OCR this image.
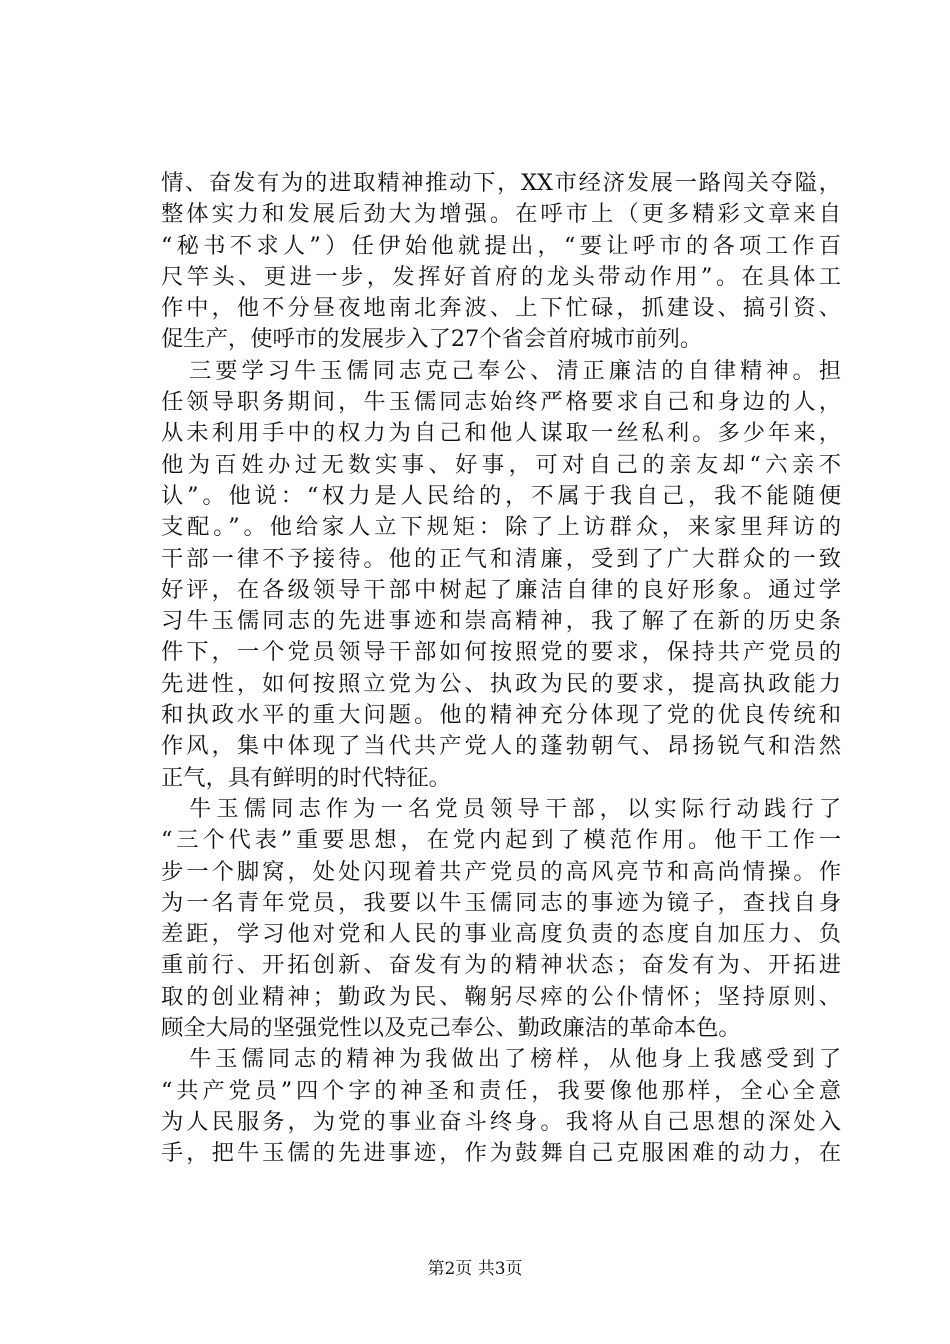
情、奋发有为的进取精神推动下，XX市经济发展一路闯关夺隘，
整体实力和发展后劲大为增强。在呼市上（更多精彩文章来自
“秘书不求人”）任伊始他就提出，“要让呼市的各项工作百
尺竿头、更进一步，发挥好首府的龙头带动作用”。在具体工
作中，他不分昼夜地南北奔波、上下忙碌，抓建设、搞引资、
促生产，使呼市的发展步入了27个省会首府城市前列。
三要学习牛玉儒同志克己奉公、清正廉洁的自律精神。担
任领导职务期间，牛玉儒同志始终严格要求自己和身边的人，
从未利用手中的权力为自己和他人谋取一丝私利。多少年来，
他为百姓办过无数实事、好事，可对自己的亲友却“六亲不
认”。他说：“权力是人民给的，不属于我自己，我不能随便
支配。”。他给家人立下规矩：除了上访群众，来家里拜访的
干部一律不予接待。他的正气和清廉，受到了广大群众的一致
好评，在各级领导干部中树起了廉洁自律的良好形象。通过学
习牛玉儒同志的先进事迹和崇高精神，我了解了在新的历史条
件下，一个党员领导干部如何按照党的要求，保持共产党员的
先进性，如何按照立党为公、执政为民的要求，提高执政能力
和执政水平的重大问题。他的精神充分体现了党的优良传统和
作风，集中体现了当代共产党人的蓬勃朝气、昂扬锐气和浩然
正气，具有鲜明的时代特征。
牛玉儒同志作为一名党员领导干部，以实际行动践行了
“三个代表”重要思想，在党内起到了模范作用。他干工作一
步一个脚窝，处处闪现着共产党员的高风亮节和高尚情操。作
为一名青年党员，我要以牛玉儒同志的事迹为镜子，查找自身
差距，学习他对党和人民的事业高度负责的态度自加压力、负
重前行、开拓创新、奋发有为的精神状态；奋发有为、开拓进
取的创业精神；勤政为民、鞠躬尽瘁的公仆情怀；坚持原则、
顾全大局的坚强党性以及克己奉公、勤政廉洁的革命本色。
牛玉儒同志的精神为我做出了榜样，从他身上我感受到了
“共产党员”四个字的神圣和责任，我要像他那样，全心全意
为人民服务，为党的事业奋斗终身。我将从自己思想的深处入
手，把牛玉儒的先进事迹，作为鼓舞自己克服困难的动力，在
第2页 共3页
